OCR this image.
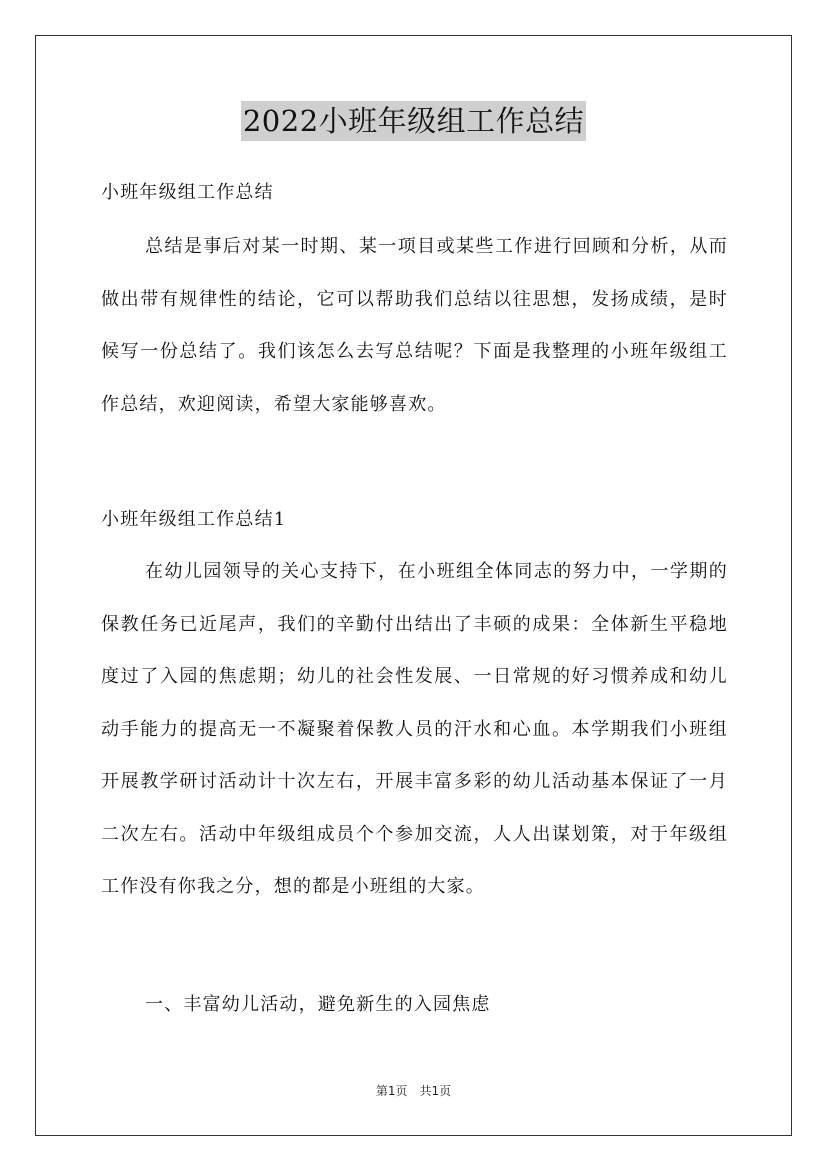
2022小班年级组工作总结

小班年级组工作总结

总结是事后对某一时期、某一项目或某些工作进行回顾和分析，从而做出带有规律性的结论，它可以帮助我们总结以往思想，发扬成绩，是时候写一份总结了。我们该怎么去写总结呢？下面是我整理的小班年级组工作总结，欢迎阅读，希望大家能够喜欢。

小班年级组工作总结1

在幼儿园领导的关心支持下，在小班组全体同志的努力中，一学期的保教任务已近尾声，我们的辛勤付出结出了丰硕的成果：全体新生平稳地度过了入园的焦虑期；幼儿的社会性发展、一日常规的好习惯养成和幼儿动手能力的提高无一不凝聚着保教人员的汗水和心血。本学期我们小班组开展教学研讨活动计十次左右，开展丰富多彩的幼儿活动基本保证了一月二次左右。活动中年级组成员个个参加交流，人人出谋划策，对于年级组工作没有你我之分，想的都是小班组的大家。

一、丰富幼儿活动，避免新生的入园焦虑

第1页　共1页
